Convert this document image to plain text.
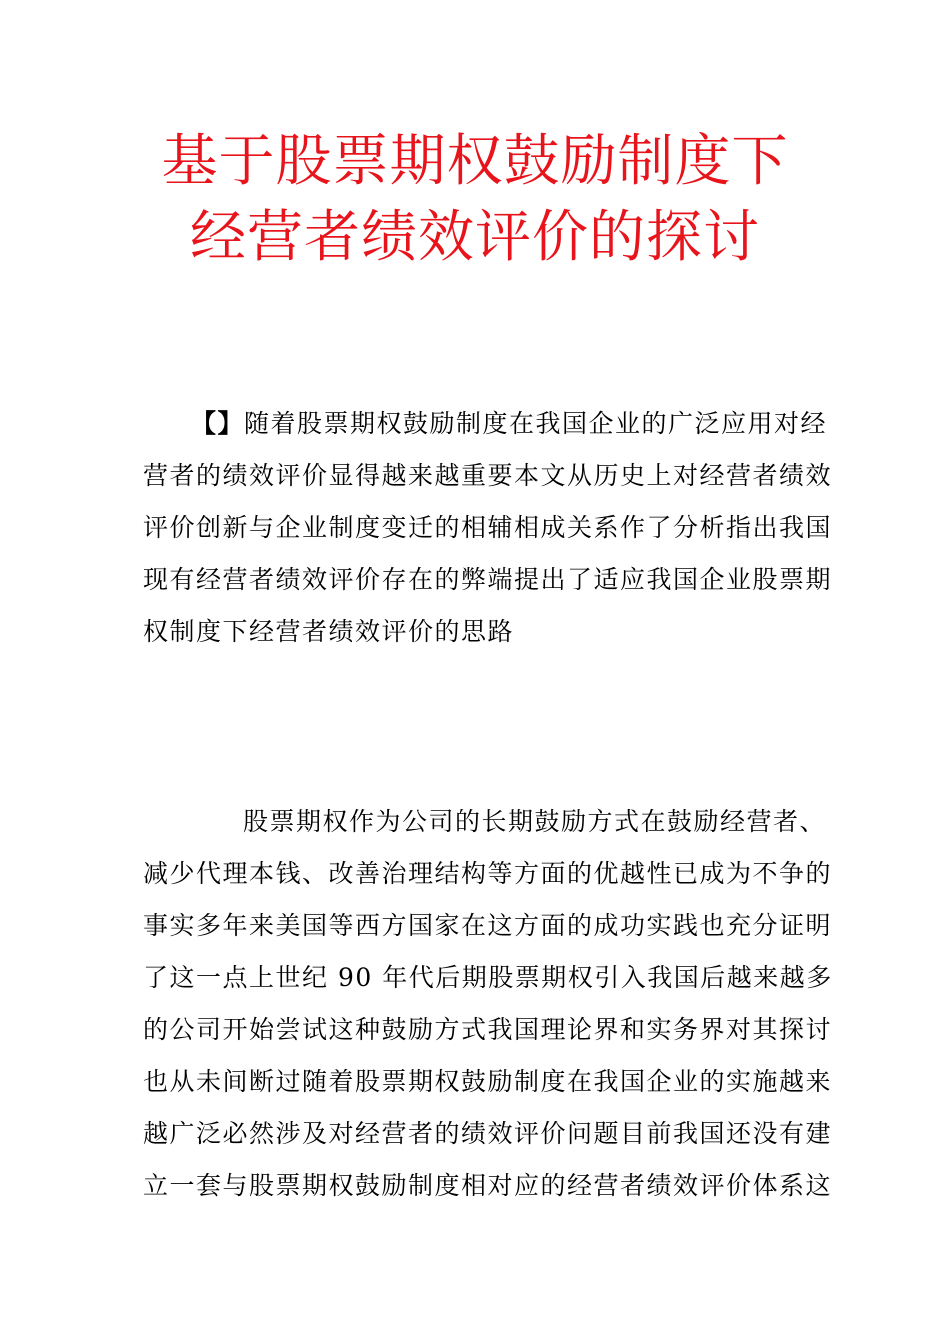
基于股票期权鼓励制度下
经营者绩效评价的探讨
【】随着股票期权鼓励制度在我国企业的广泛应用对经
营者的绩效评价显得越来越重要本文从历史上对经营者绩效
评价创新与企业制度变迁的相辅相成关系作了分析指出我国
现有经营者绩效评价存在的弊端提出了适应我国企业股票期
权制度下经营者绩效评价的思路
股票期权作为公司的长期鼓励方式在鼓励经营者、
减少代理本钱、改善治理结构等方面的优越性已成为不争的
事实多年来美国等西方国家在这方面的成功实践也充分证明
了这一点上世纪 90 年代后期股票期权引入我国后越来越多
的公司开始尝试这种鼓励方式我国理论界和实务界对其探讨
也从未间断过随着股票期权鼓励制度在我国企业的实施越来
越广泛必然涉及对经营者的绩效评价问题目前我国还没有建
立一套与股票期权鼓励制度相对应的经营者绩效评价体系这
